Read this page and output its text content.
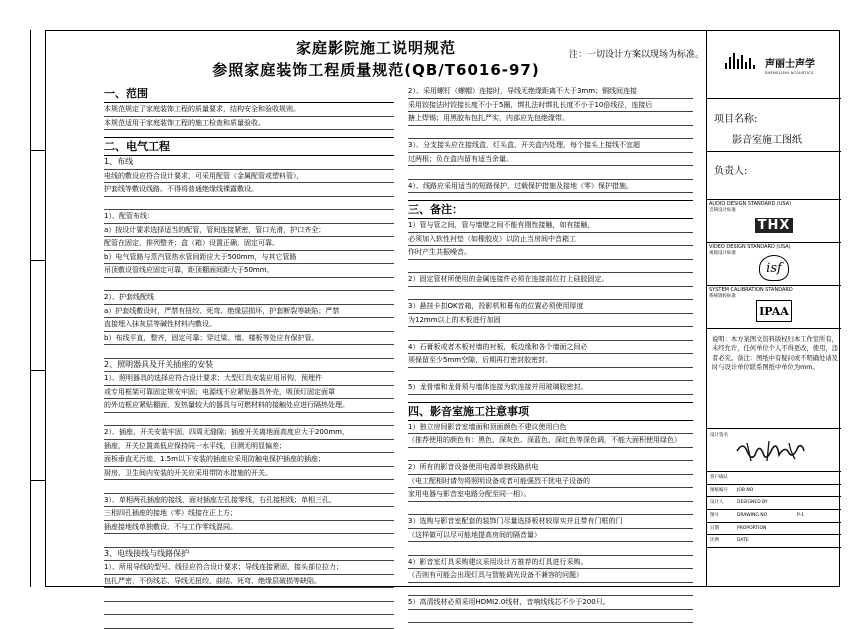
家庭影院施工说明规范
参照家庭装饰工程质量规范(QB/T6016-97)
注：一切设计方案以现场为标准。
一、范围
本规范规定了家庭装饰工程的质量要求，结构安全和验收规则。
本规范适用于家庭装饰工程的施工检查和质量验收。
二、电气工程
1、布线
电线的敷设应符合设计要求，可采用配管（金属配管或塑料管），
护套线等敷设线路。不得将普通绝缘线裸露敷设。
1）、配管布线：
a）按设计要求选择适当的配管，管间连接紧密，管口光滑，护口齐全；
配管在固定，排列整齐；盒（箱）设置正确，固定可靠。
b）电气管路与蒸汽管热水管间距应大于500mm，与其它管路
吊顶敷设管线应固定可靠，距顶棚面间距大于50mm。
2）、护套线配线
a）护套线敷设时，严禁有扭绞、死弯、绝缘层损坏，护套断裂等缺陷；严禁
直接埋入抹灰层等碱性材料内敷设。
b）布线平直，整齐，固定可靠；穿过梁、墙、楼板等处应有保护管。
2、照明器具及开关插座的安装
1）、照明器具的选择应符合设计要求；大型灯具安装应用吊钩，预埋件
或专用框架可靠固定规安牢固；电源线不应紧贴器具外壳，吸顶灯固定面罩
的外边框应紧贴棚面，发热量较大的器具与可燃材料的接触处应进行隔热处理。
2）、插座、开关安装牢固，四周无缝隙；插座开关离地面高度应大于200mm，
插座，开关位置高低应保持同一水平线，目测无明显偏差；
面板垂直无污迹，1.5m以下安装的插座应采用防触电保护插座的插座；
厨房、卫生间内安装的开关应采用带防水措施的开关。
3）、单相两孔插座的接线，面对插座左孔接零线，右孔接相线；单相三孔，
三相四孔插座的接地（零）线接在正上方；
插座接地线单独敷设，不与工作零线混同。
3、电线接线与线路保护
1）、所用导线的型号、线径应符合设计要求；导线连接紧固，接头部位拉力；
包扎严密，不伤线芯，导线无扭绞、曲结、死弯、绝缘层破损等缺陷。
2）、采用螺钉（螺帽）连接时，导线无绝缘距离不大于3mm；铜线间连接
采用铰接法时铰接长度不小于5圈，绑扎法时绑扎长度不小于10倍线径，连接后
搪上焊锡；用黑胶布包扎严实，内部应先包绝缘带。
3）、分支接头应在接线盒，灯头盒、开关盒内处理，每个接头上接线不宜超
过两根；负在盒内留有适当余量。
4）、线路应采用适当的短路保护、过载保护措施及接地（零）保护措施。
三、备注：
1）管与管之间，管与墙壁之间不能有刚性接触，如有接触，
必须加入软性衬垫（如橡胶皮）以防止当房间中音箱工
作时产生共振噪音。
2）固定管材所使用的金属连接件必须在连接部位打上硅胶固定。
3）悬挂卡扣OK音箱，投影机和幕布的位置必须使用厚度
为12mm以上的木板进行加固
4）石膏板或者木板衬墙的衬板，板边缘和各个墙面之间必
须保留至少5mm空隙，后期再打密封胶密封。
5）龙骨墙和龙骨须与墙体连接为软连接并用玻璃胶密封。
四、影音室施工注意事项
1）独立房间影音室墙面和顶面颜色不建议使用白色
（推荐使用的颜色有：黑色、深灰色、深蓝色、深红色等深色调，不能大面积使用绿色）
2）所有的影音设备使用电源单独线路供电
（电工配相时请勿将照明设备或者可能强烈干扰电子设备的
家用电器与影音室电路分配至同一相）。
3）选购与影音室配套的装饰门尽量选择板材较厚实并且带有门框的门
（这样做可以尽可能地提高房间的隔音量）
4）影音室灯具采购建议采用设计方推荐的灯具进行采购。
（否则有可能会出现灯具与智能调光设备不兼容的问题）
5）高清线材必须采用HDMI2.0线材，音响线线芯不少于200只。
声丽士声学
SHENGLISHI ACOUSTICS
项目名称:
影音室施工图纸
负责人:
AUDIO DESIGN STANDARD (USA)
音频设计标准
THX
VIDEO DESIGN STANDARD (USA)
视频设计标准
isf
SYSTEM CALIBRATION STANDARD
系统调校标准
IPAA
说明：本方案图文资料版权归本工作室所有，未经允许，任何单位个人不得更改，使用，违者必究。备注：图纸中有疑问或不明确处请及时与设计单位联系图纸中单位为mm。
设计签名
客户确认
图纸编号 JOB NO
设计人	DESIGNED BY
图号	DRAWING NO	P-1
日期	PROPORTION
比例	DATE
